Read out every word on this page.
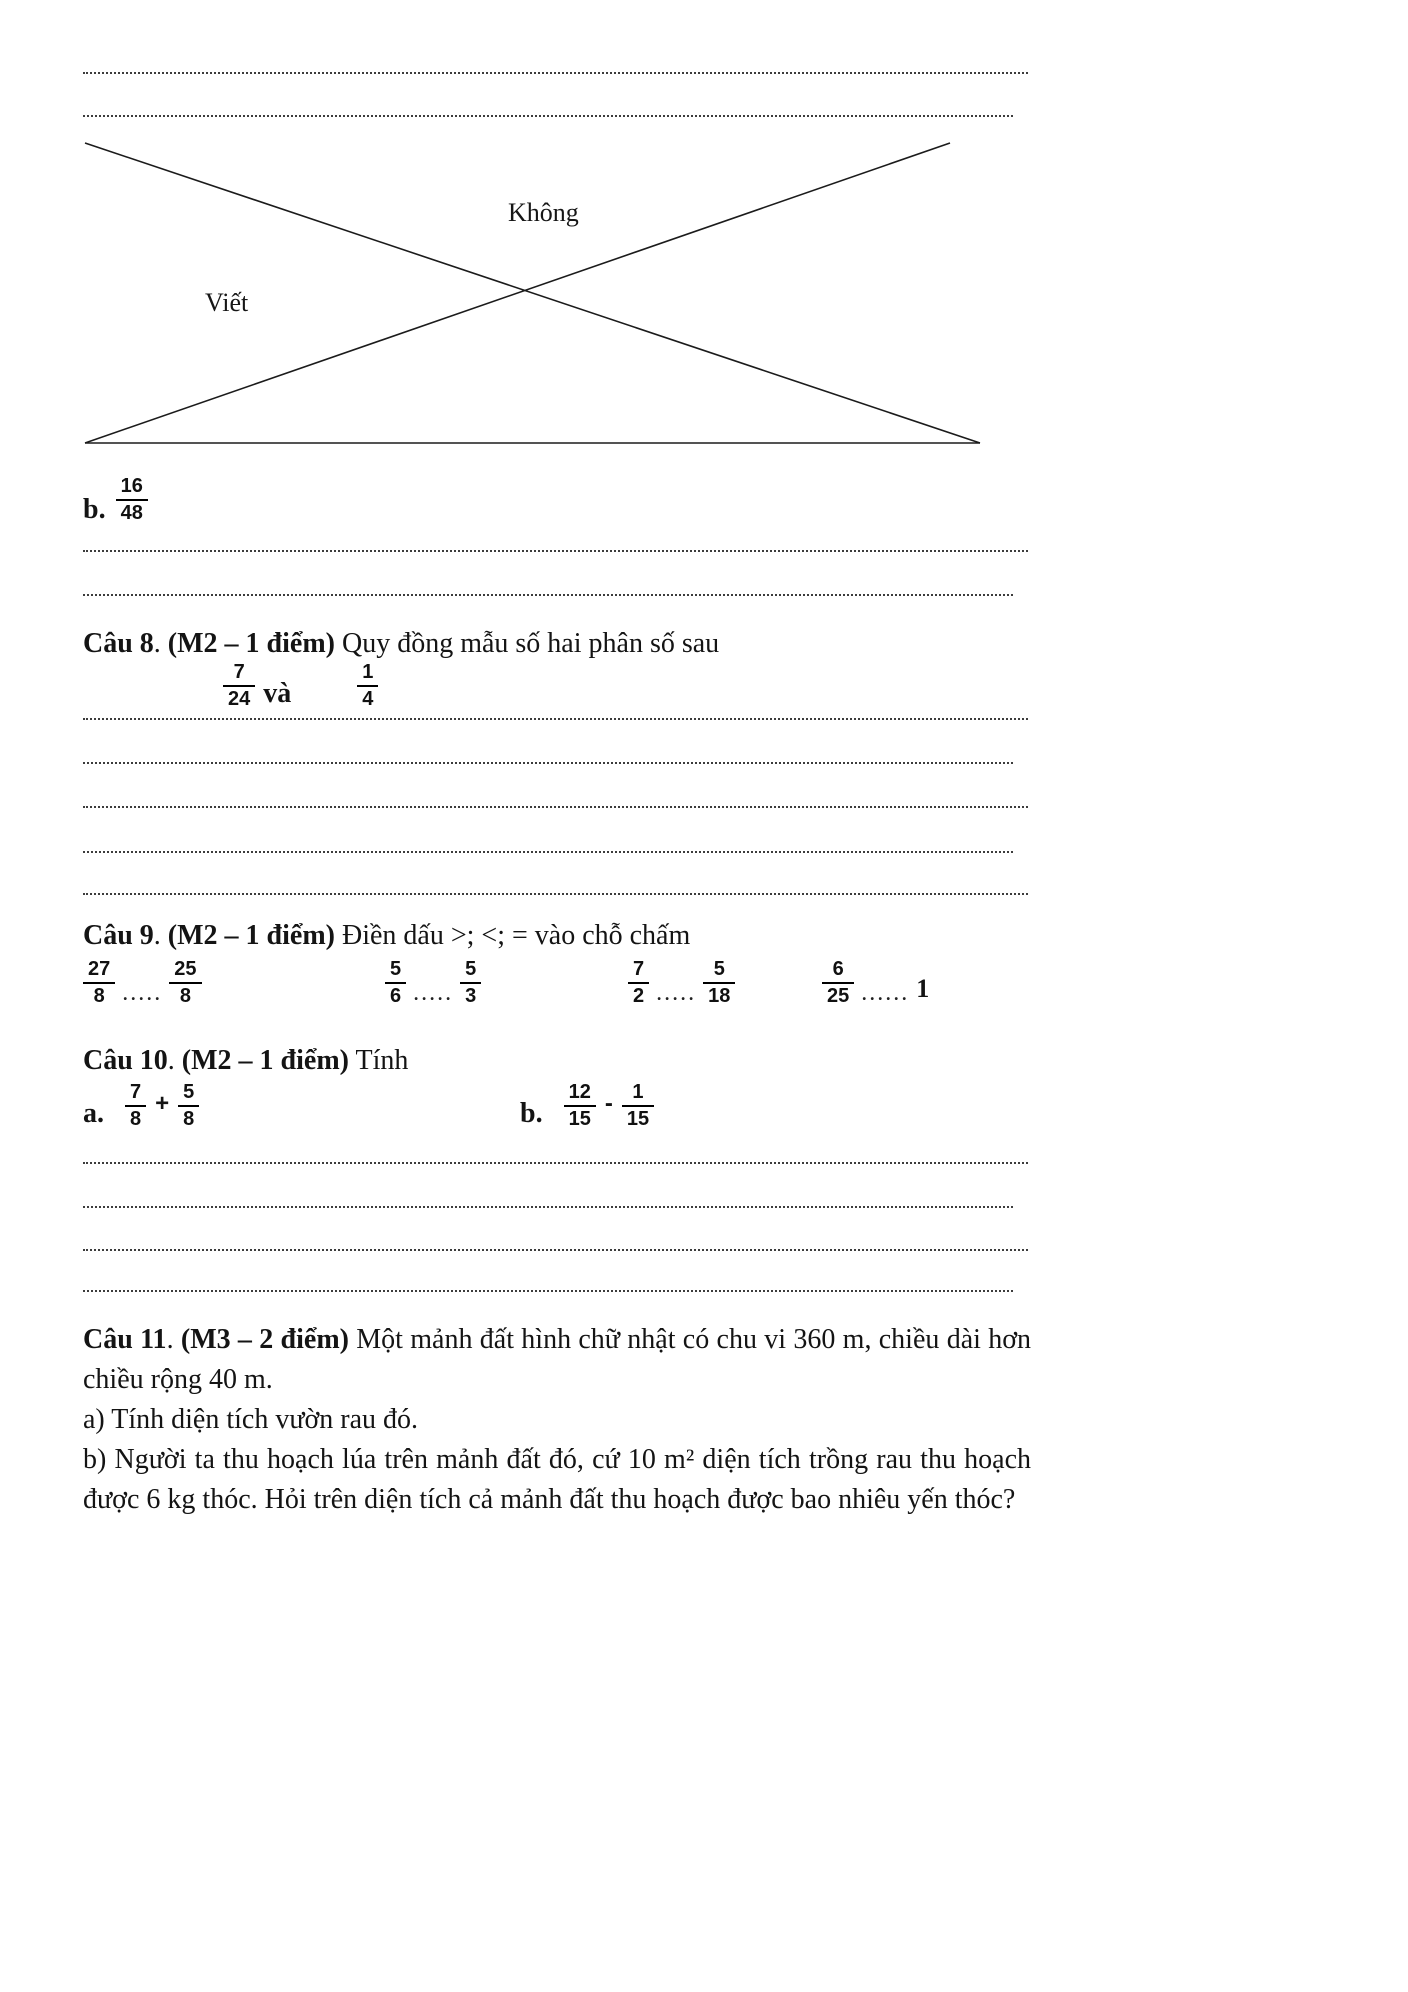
Không
Viết
b. $\frac{16}{48}$
Câu 8. (M2 – 1 điểm) Quy đồng mẫu số hai phân số sau
$\frac{7}{24}$ và	$\frac{1}{4}$
Câu 9. (M2 – 1 điểm) Điền dấu >; <; = vào chỗ chấm
$\frac{27}{8}$ ..... $\frac{25}{8}$	$\frac{5}{6}$ ..... $\frac{5}{3}$	$\frac{7}{2}$ ..... $\frac{5}{18}$	$\frac{6}{25}$ ...... 1
Câu 10. (M2 – 1 điểm) Tính
a. $\frac{7}{8} + \frac{5}{8}$	b. $\frac{12}{15} - \frac{1}{15}$

Câu 11. (M3 – 2 điểm) Một mảnh đất hình chữ nhật có chu vi 360 m, chiều dài hơn chiều rộng 40 m.

a) Tính diện tích vườn rau đó.

b) Người ta thu hoạch lúa trên mảnh đất đó, cứ 10 m² diện tích trồng rau thu hoạch được 6 kg thóc. Hỏi trên diện tích cả mảnh đất thu hoạch được bao nhiêu yến thóc?
